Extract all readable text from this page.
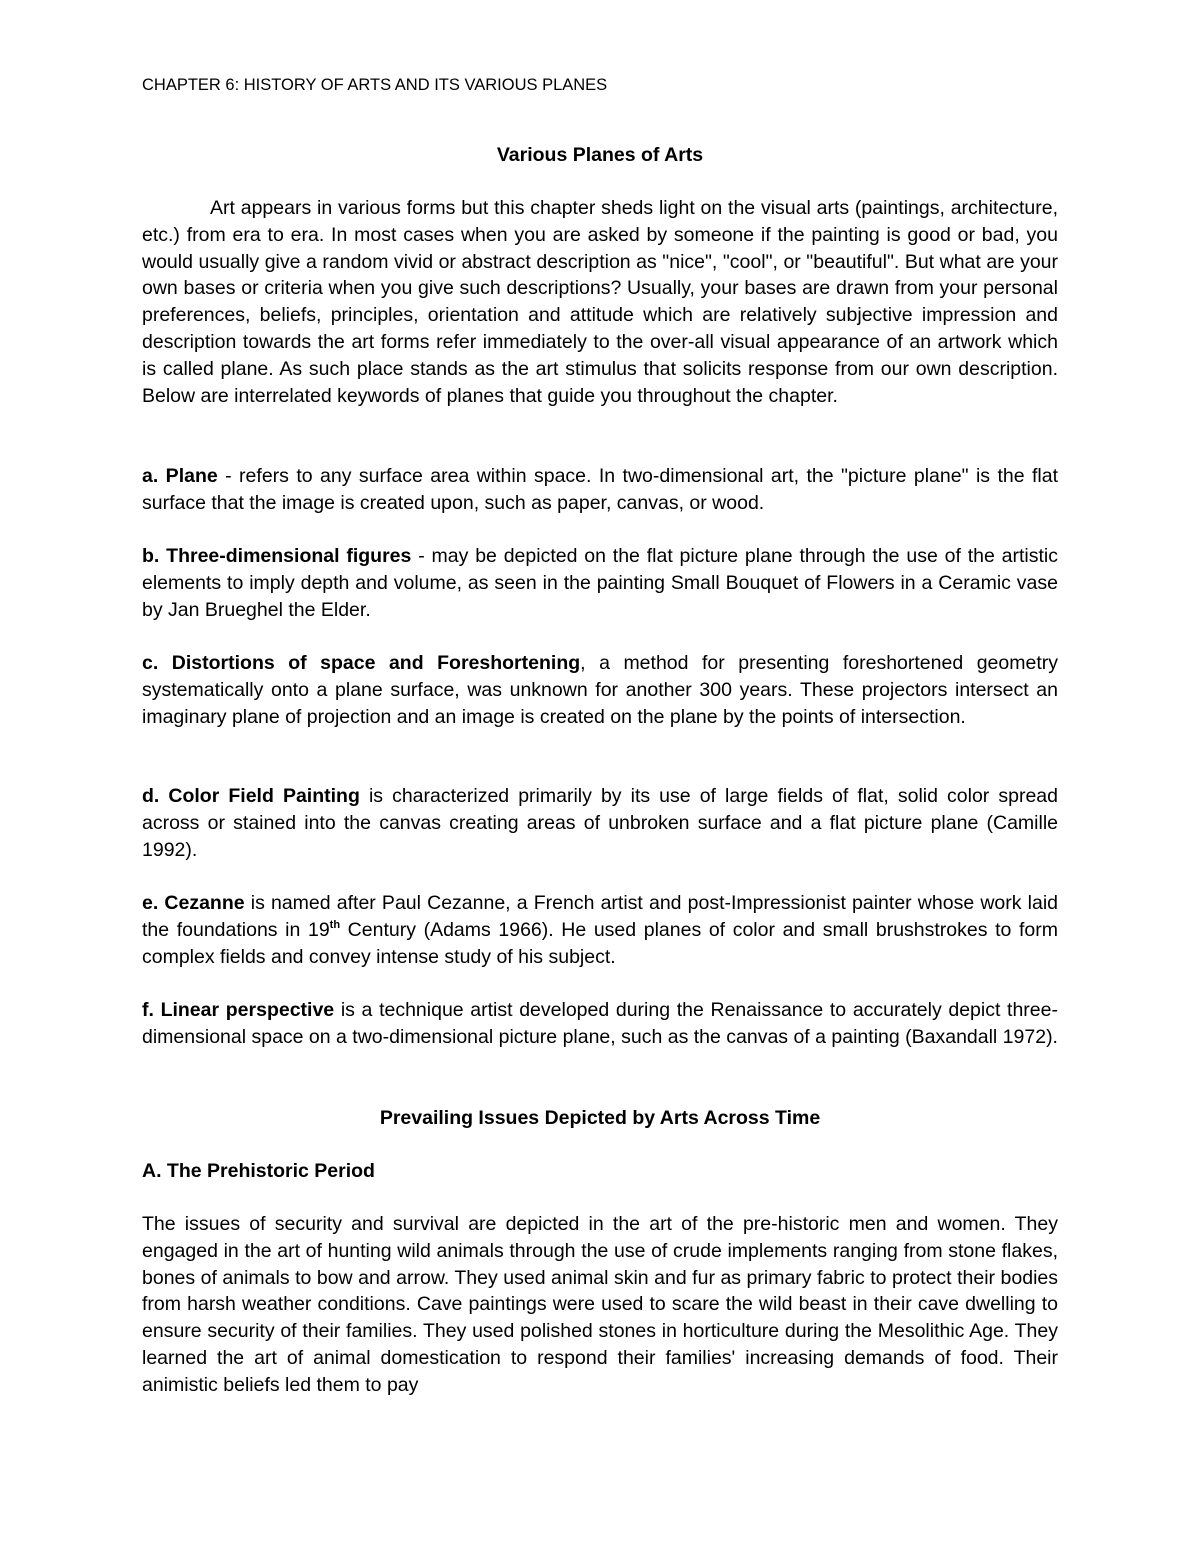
CHAPTER 6: HISTORY OF ARTS AND ITS VARIOUS PLANES
Various Planes of Arts

Art appears in various forms but this chapter sheds light on the visual arts (paintings, architecture, etc.) from era to era. In most cases when you are asked by someone if the painting is good or bad, you would usually give a random vivid or abstract description as "nice", "cool", or "beautiful". But what are your own bases or criteria when you give such descriptions? Usually, your bases are drawn from your personal preferences, beliefs, principles, orientation and attitude which are relatively subjective impression and description towards the art forms refer immediately to the over-all visual appearance of an artwork which is called plane. As such place stands as the art stimulus that solicits response from our own description. Below are interrelated keywords of planes that guide you throughout the chapter.

a. Plane - refers to any surface area within space. In two-dimensional art, the "picture plane" is the flat surface that the image is created upon, such as paper, canvas, or wood.

b. Three-dimensional figures - may be depicted on the flat picture plane through the use of the artistic elements to imply depth and volume, as seen in the painting Small Bouquet of Flowers in a Ceramic vase by Jan Brueghel the Elder.

c. Distortions of space and Foreshortening, a method for presenting foreshortened geometry systematically onto a plane surface, was unknown for another 300 years. These projectors intersect an imaginary plane of projection and an image is created on the plane by the points of intersection.

d. Color Field Painting is characterized primarily by its use of large fields of flat, solid color spread across or stained into the canvas creating areas of unbroken surface and a flat picture plane (Camille 1992).

e. Cezanne is named after Paul Cezanne, a French artist and post-Impressionist painter whose work laid the foundations in 19th Century (Adams 1966). He used planes of color and small brushstrokes to form complex fields and convey intense study of his subject.

f. Linear perspective is a technique artist developed during the Renaissance to accurately depict three-dimensional space on a two-dimensional picture plane, such as the canvas of a painting (Baxandall 1972).

Prevailing Issues Depicted by Arts Across Time
A. The Prehistoric Period

The issues of security and survival are depicted in the art of the pre-historic men and women. They engaged in the art of hunting wild animals through the use of crude implements ranging from stone flakes, bones of animals to bow and arrow. They used animal skin and fur as primary fabric to protect their bodies from harsh weather conditions. Cave paintings were used to scare the wild beast in their cave dwelling to ensure security of their families. They used polished stones in horticulture during the Mesolithic Age. They learned the art of animal domestication to respond their families' increasing demands of food. Their animistic beliefs led them to pay
